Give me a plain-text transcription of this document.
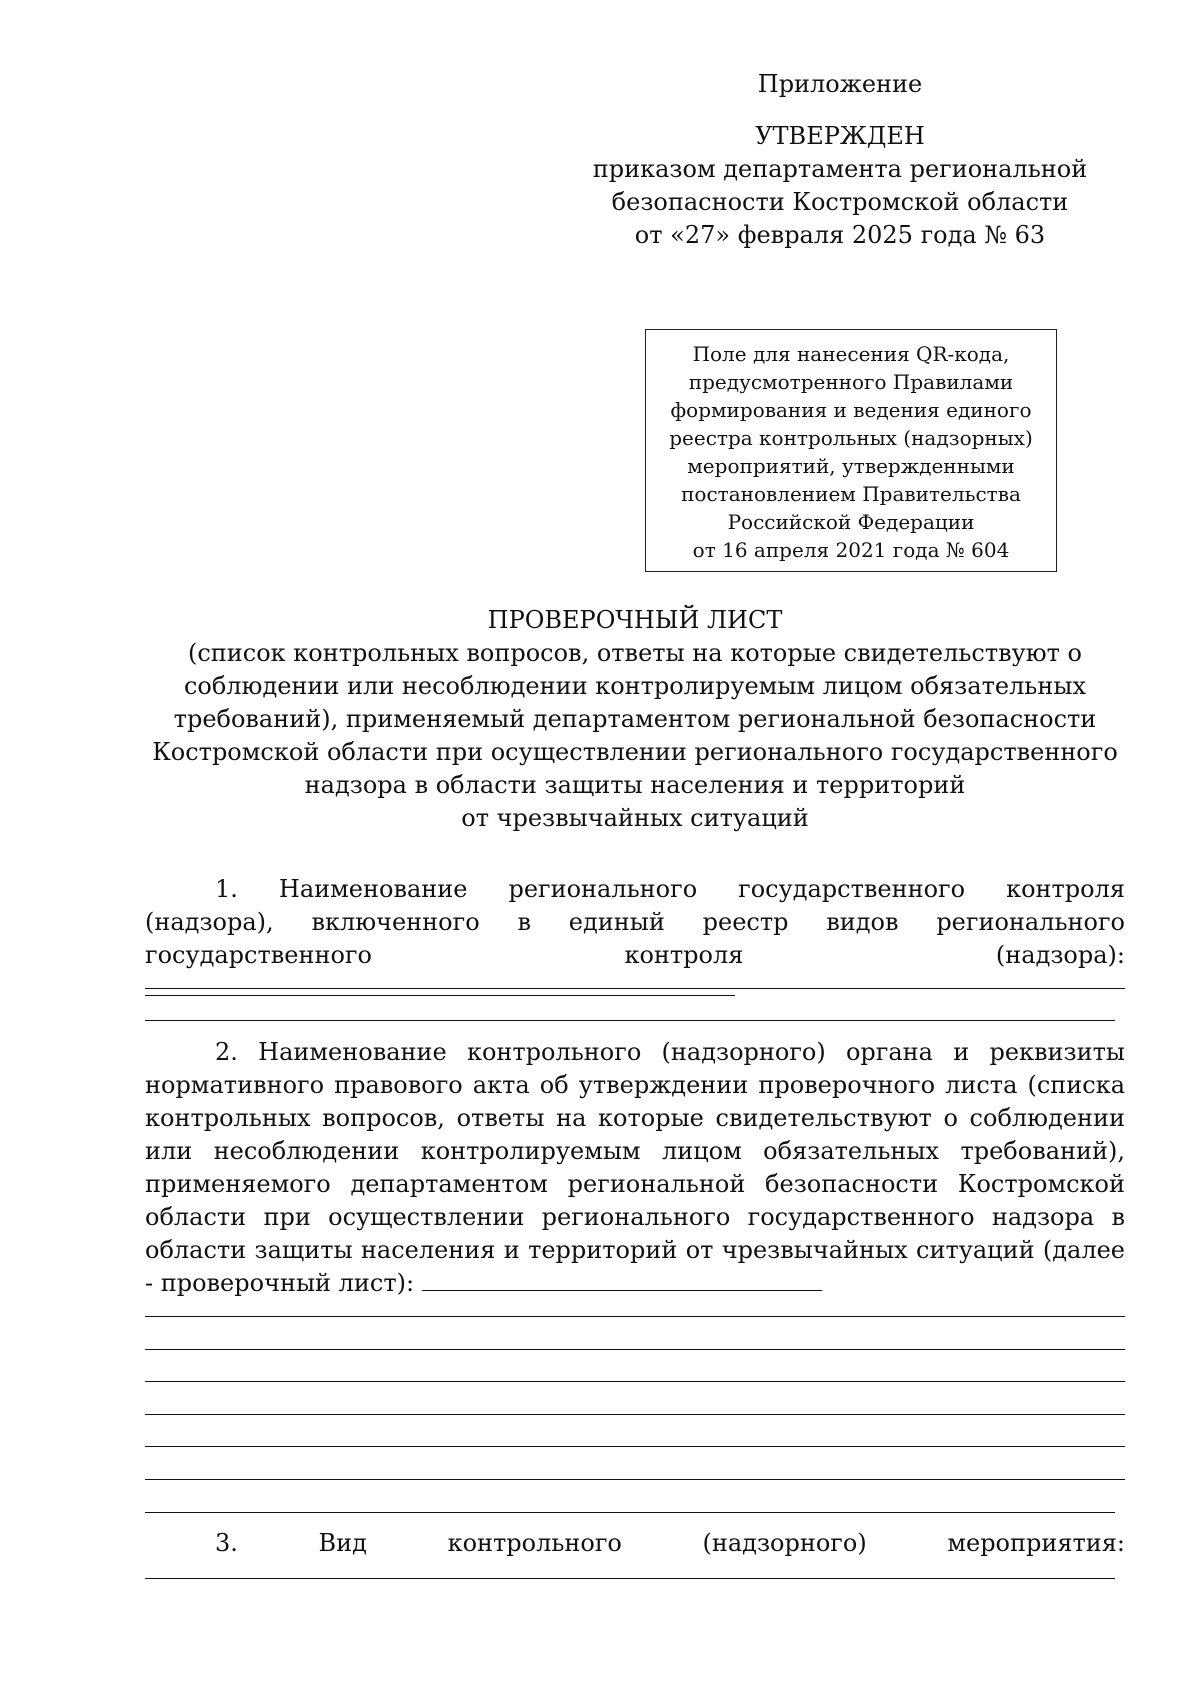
Приложение
УТВЕРЖДЕН
приказом департамента региональной
безопасности Костромской области
от «27» февраля 2025 года № 63
Поле для нанесения QR-кода,
предусмотренного Правилами
формирования и ведения единого
реестра контрольных (надзорных)
мероприятий, утвержденными
постановлением Правительства
Российской Федерации
от 16 апреля 2021 года № 604
ПРОВЕРОЧНЫЙ ЛИСТ
(список контрольных вопросов, ответы на которые свидетельствуют о
соблюдении или несоблюдении контролируемым лицом обязательных
требований), применяемый департаментом региональной безопасности
Костромской области при осуществлении регионального государственного
надзора в области защиты населения и территорий
от чрезвычайных ситуаций
1. Наименование регионального государственного контроля (надзора), включенного в единый реестр видов регионального государственного контроля (надзора):
2. Наименование контрольного (надзорного) органа и реквизиты нормативного правового акта об утверждении проверочного листа (списка контрольных вопросов, ответы на которые свидетельствуют о соблюдении или несоблюдении контролируемым лицом обязательных требований), применяемого департаментом региональной безопасности Костромской области при осуществлении регионального государственного надзора в области защиты населения и территорий от чрезвычайных ситуаций (далее - проверочный лист):
3. Вид контрольного (надзорного) мероприятия:
